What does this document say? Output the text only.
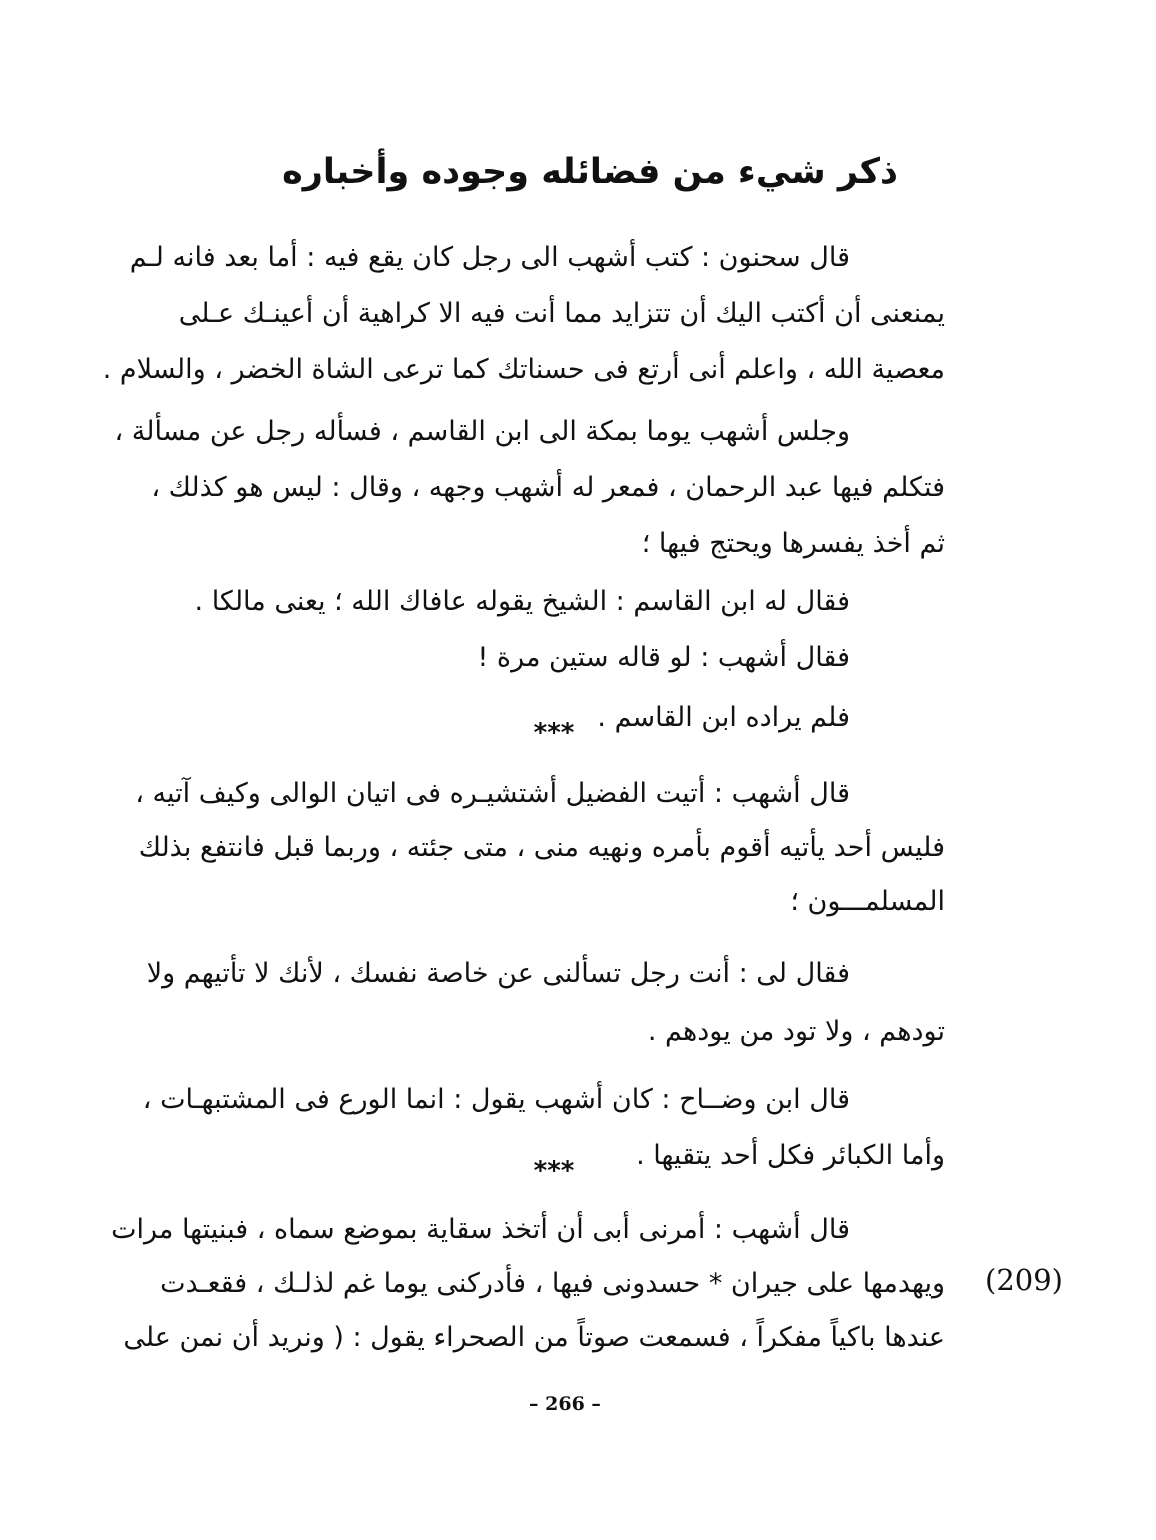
ذكر شيء من فضائله وجوده وأخباره
قال سحنون : كتب أشهب الى رجل كان يقع فيه : أما بعد فانه لـم
يمنعنى أن أكتب اليك أن تتزايد مما أنت فيه الا كراهية أن أعينـك عـلى
معصية الله ، واعلم أنى أرتع فى حسناتك كما ترعى الشاة الخضر ، والسلام .
وجلس أشهب يوما بمكة الى ابن القاسم ، فسأله رجل عن مسألة ،
فتكلم فيها عبد الرحمان ، فمعر له أشهب وجهه ، وقال : ليس هو كذلك ،
ثم أخذ يفسرها ويحتج فيها ؛
فقال له ابن القاسم : الشيخ يقوله عافاك الله ؛ يعنى مالكا .
فقال أشهب : لو قاله ستين مرة !
فلم يراده ابن القاسم .
***
قال أشهب : أتيت الفضيل أشتشيـره فى اتيان الوالى وكيف آتيه ،
فليس أحد يأتيه أقوم بأمره ونهيه منى ، متى جئته ، وربما قبل فانتفع بذلك
المسلمـــون ؛
فقال لى : أنت رجل تسألنى عن خاصة نفسك ، لأنك لا تأتيهم ولا
تودهم ، ولا تود من يودهم .
قال ابن وضــاح : كان أشهب يقول : انما الورع فى المشتبهـات ،
وأما الكبائر فكل أحد يتقيها .
***
قال أشهب : أمرنى أبى أن أتخذ سقاية بموضع سماه ، فبنيتها مرات
ويهدمها على جيران * حسدونى فيها ، فأدركنى يوما غم لذلـك ، فقعـدت
عندها باكياً مفكراً ، فسمعت صوتاً من الصحراء يقول : ( ونريد أن نمن على
(209)
– 266 –
